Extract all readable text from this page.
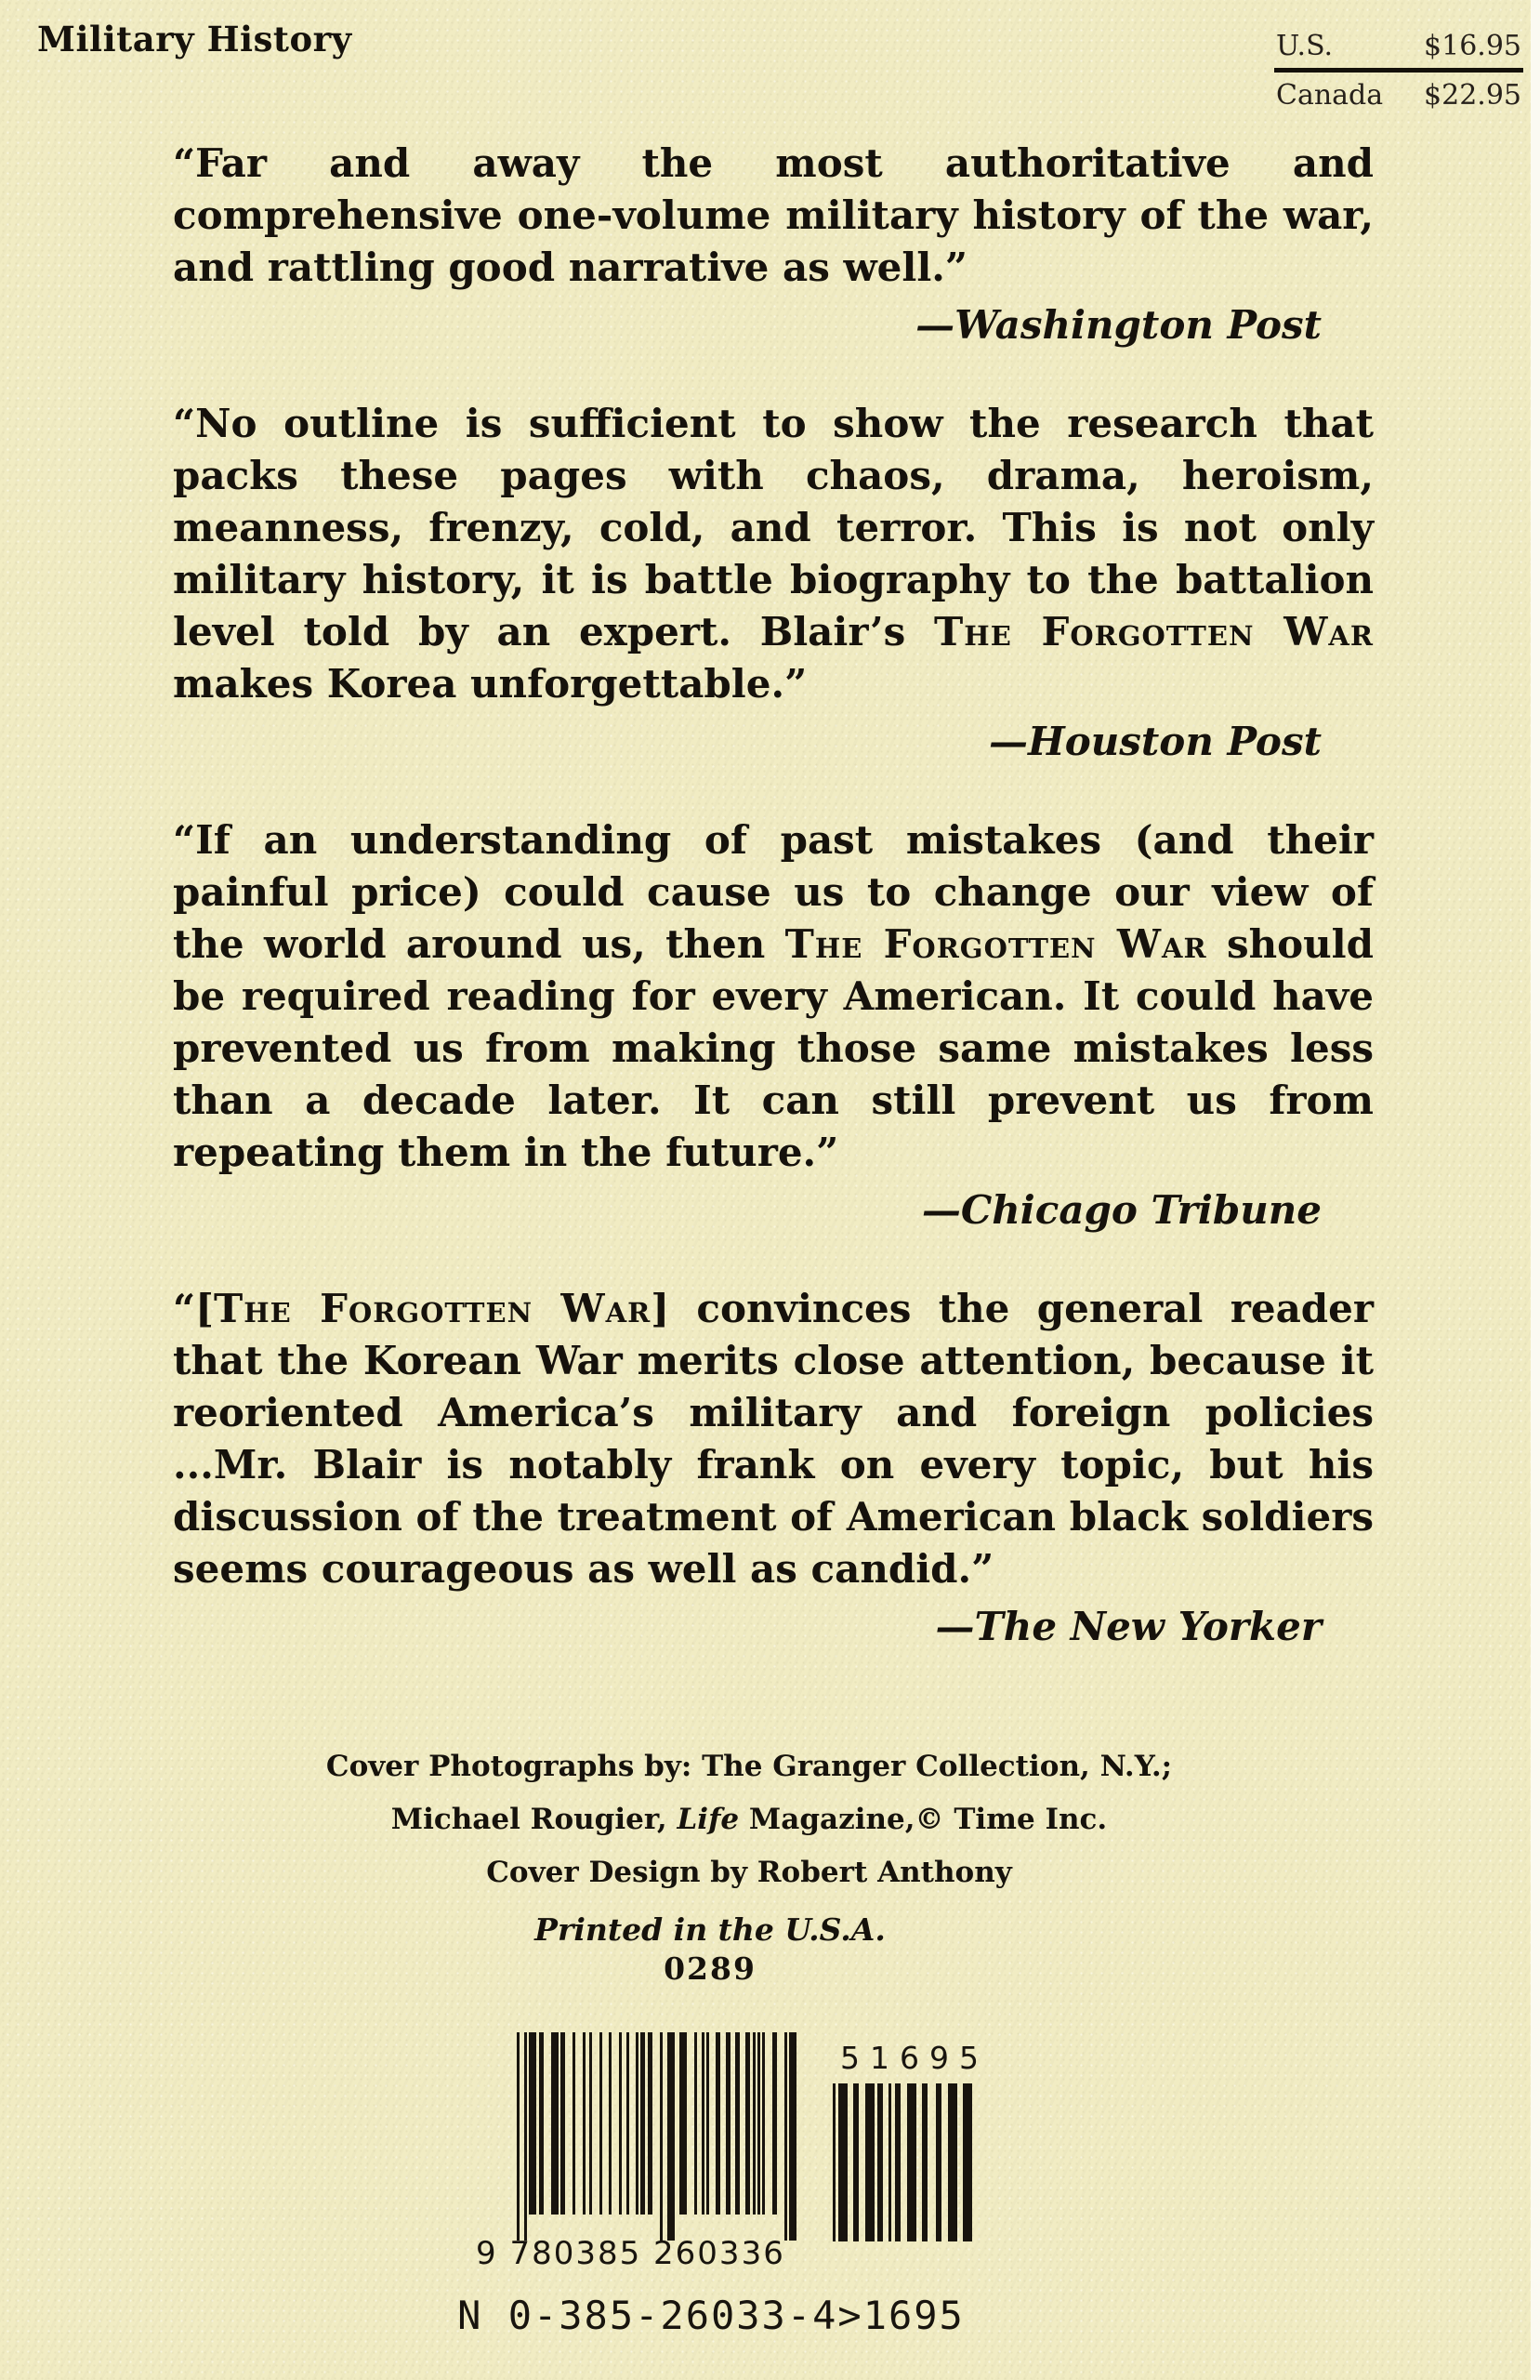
Military History	U.S.	$16.95
Canada $22.95

“Far and away the most authoritative and comprehensive one-volume military history of the war, and rattling good narrative as well.”

—Washington Post

“No outline is sufficient to show the research that packs these pages with chaos, drama, heroism, meanness, frenzy, cold, and terror. This is not only military history, it is battle biography to the battalion level told by an expert. Blair’s The Forgotten War makes Korea unforgettable.”

—Houston Post

“If an understanding of past mistakes (and their painful price) could cause us to change our view of the world around us, then The Forgotten War should be required reading for every American. It could have prevented us from making those same mistakes less than a decade later. It can still prevent us from repeating them in the future.”

—Chicago Tribune

“[The Forgotten War] convinces the general reader that the Korean War merits close attention, because it reoriented America’s military and foreign policies ...Mr. Blair is notably frank on every topic, but his discussion of the treatment of American black soldiers seems courageous as well as candid.”

—The New Yorker
Cover Photographs by: The Granger Collection, N.Y.;
Michael Rougier, Life Magazine,© Time Inc.
Cover Design by Robert Anthony
Printed in the U.S.A.
0289
9 780385 260336
51695
N 0-385-26033-4>1695
